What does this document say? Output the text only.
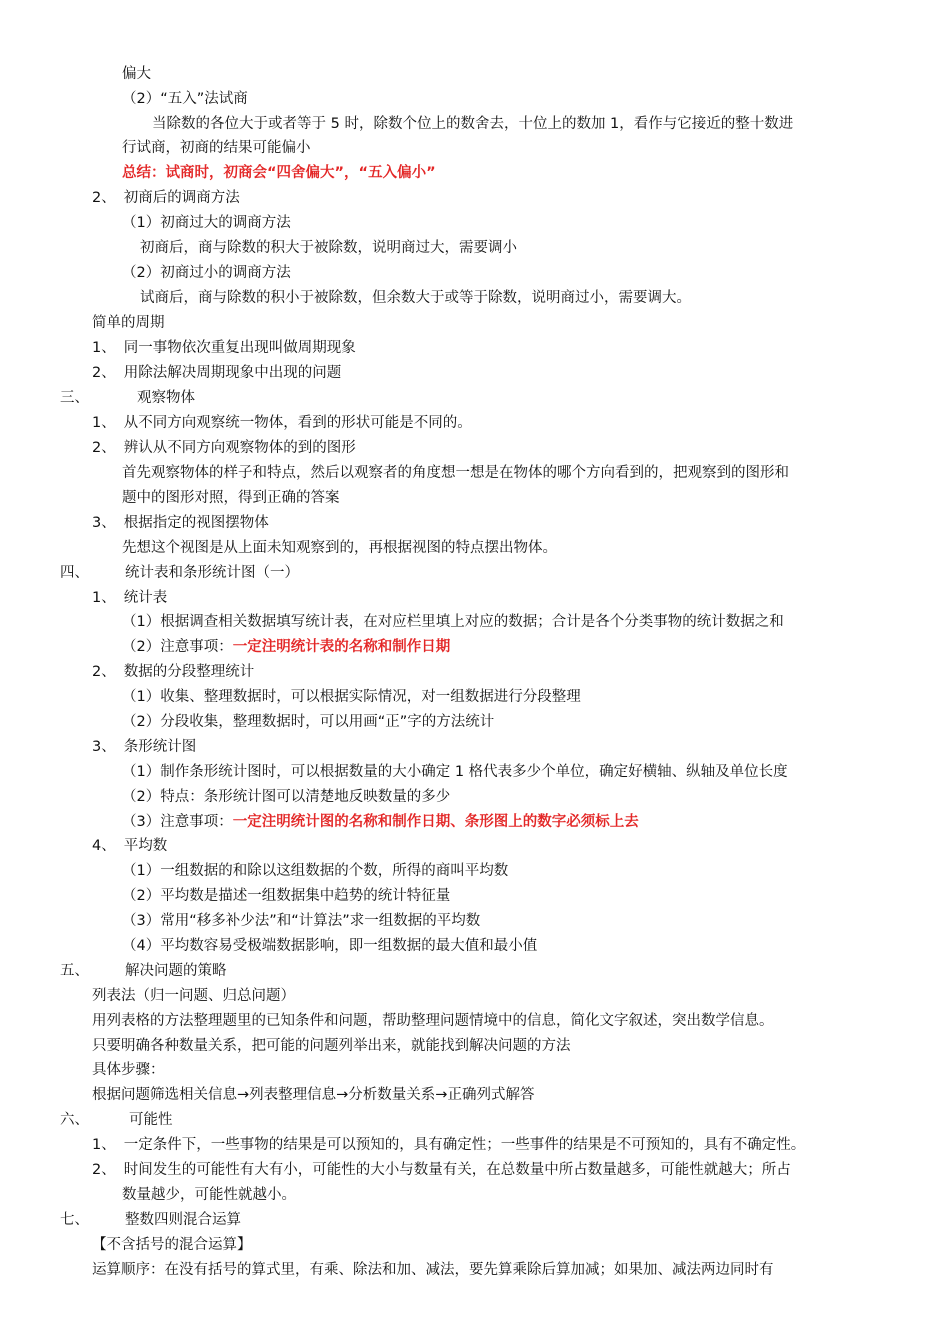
偏大
（2）“五入”法试商
当除数的各位大于或者等于 5 时，除数个位上的数舍去，十位上的数加 1，看作与它接近的整十数进
行试商，初商的结果可能偏小
总结：试商时，初商会“四舍偏大”，“五入偏小”
2、 初商后的调商方法
（1）初商过大的调商方法
初商后，商与除数的积大于被除数，说明商过大，需要调小
（2）初商过小的调商方法
试商后，商与除数的积小于被除数，但余数大于或等于除数，说明商过小，需要调大。
简单的周期
1、 同一事物依次重复出现叫做周期现象
2、 用除法解决周期现象中出现的问题
三、	观察物体
1、 从不同方向观察统一物体，看到的形状可能是不同的。
2、 辨认从不同方向观察物体的到的图形
首先观察物体的样子和特点，然后以观察者的角度想一想是在物体的哪个方向看到的，把观察到的图形和
题中的图形对照，得到正确的答案
3、 根据指定的视图摆物体
先想这个视图是从上面未知观察到的，再根据视图的特点摆出物体。
四、 统计表和条形统计图（一）
1、 统计表
（1）根据调查相关数据填写统计表，在对应栏里填上对应的数据；合计是各个分类事物的统计数据之和
（2）注意事项：一定注明统计表的名称和制作日期
2、 数据的分段整理统计
（1）收集、整理数据时，可以根据实际情况，对一组数据进行分段整理
（2）分段收集，整理数据时，可以用画“正”字的方法统计
3、 条形统计图
（1）制作条形统计图时，可以根据数量的大小确定 1 格代表多少个单位，确定好横轴、纵轴及单位长度
（2）特点：条形统计图可以清楚地反映数量的多少
（3）注意事项：一定注明统计图的名称和制作日期、条形图上的数字必须标上去
4、 平均数
（1）一组数据的和除以这组数据的个数，所得的商叫平均数
（2）平均数是描述一组数据集中趋势的统计特征量
（3）常用“移多补少法”和“计算法”求一组数据的平均数
（4）平均数容易受极端数据影响，即一组数据的最大值和最小值
五、 解决问题的策略
列表法（归一问题、归总问题）
用列表格的方法整理题里的已知条件和问题，帮助整理问题情境中的信息，简化文字叙述，突出数学信息。
只要明确各种数量关系，把可能的问题列举出来，就能找到解决问题的方法
具体步骤：
根据问题筛选相关信息→列表整理信息→分析数量关系→正确列式解答
六、	可能性
1、 一定条件下，一些事物的结果是可以预知的，具有确定性；一些事件的结果是不可预知的，具有不确定性。
2、 时间发生的可能性有大有小，可能性的大小与数量有关，在总数量中所占数量越多，可能性就越大；所占
数量越少，可能性就越小。
七、 整数四则混合运算
【不含括号的混合运算】
运算顺序：在没有括号的算式里，有乘、除法和加、减法，要先算乘除后算加减；如果加、减法两边同时有
